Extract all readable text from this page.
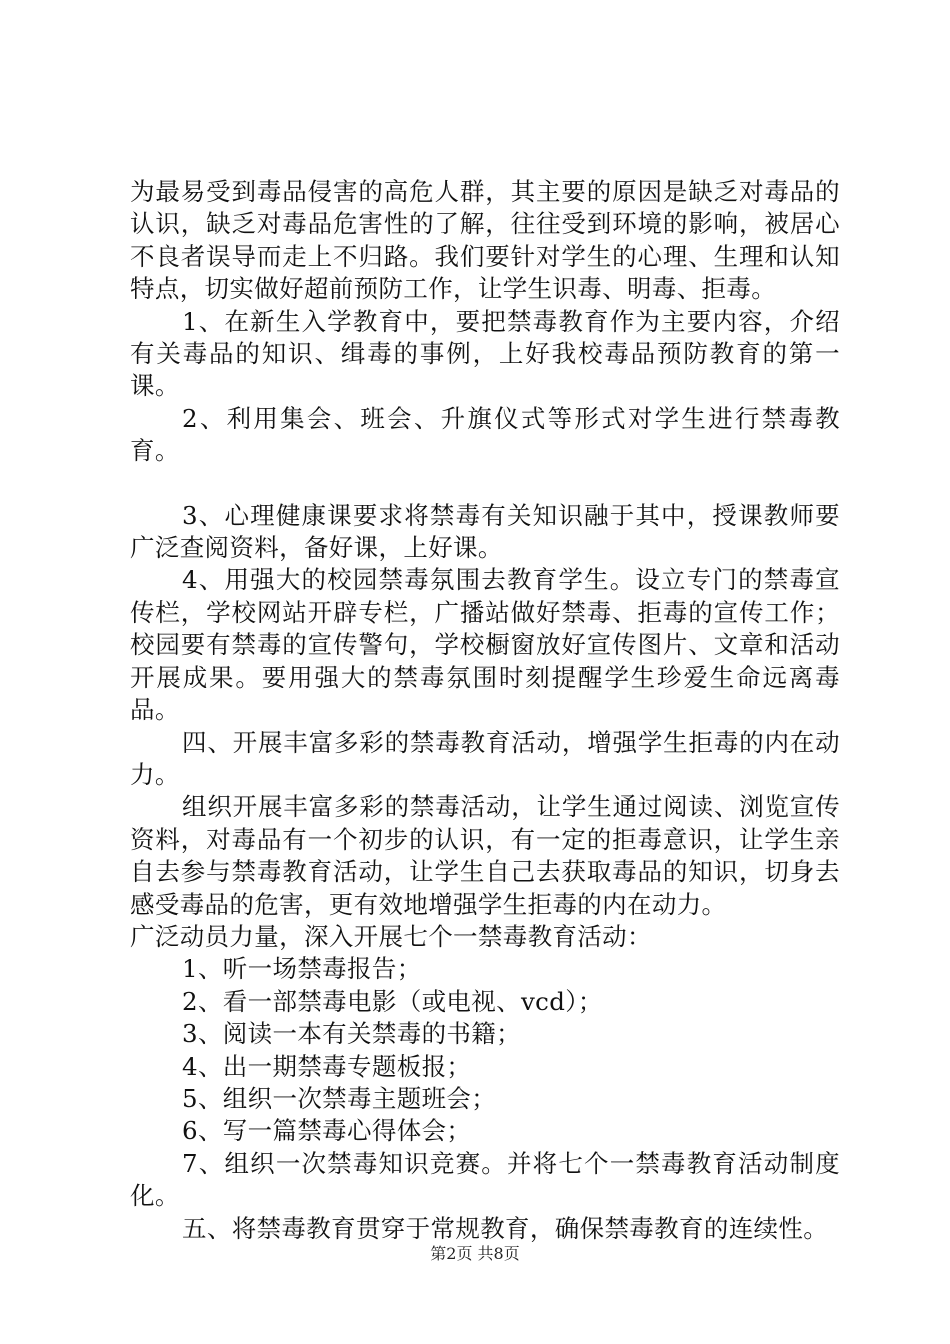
为最易受到毒品侵害的高危人群，其主要的原因是缺乏对毒品的认识，缺乏对毒品危害性的了解，往往受到环境的影响，被居心不良者误导而走上不归路。我们要针对学生的心理、生理和认知特点，切实做好超前预防工作，让学生识毒、明毒、拒毒。

1、在新生入学教育中，要把禁毒教育作为主要内容，介绍有关毒品的知识、缉毒的事例，上好我校毒品预防教育的第一课。

2、利用集会、班会、升旗仪式等形式对学生进行禁毒教育。

3、心理健康课要求将禁毒有关知识融于其中，授课教师要广泛查阅资料，备好课，上好课。

4、用强大的校园禁毒氛围去教育学生。设立专门的禁毒宣传栏，学校网站开辟专栏，广播站做好禁毒、拒毒的宣传工作；校园要有禁毒的宣传警句，学校橱窗放好宣传图片、文章和活动开展成果。要用强大的禁毒氛围时刻提醒学生珍爱生命远离毒品。

四、开展丰富多彩的禁毒教育活动，增强学生拒毒的内在动力。

组织开展丰富多彩的禁毒活动，让学生通过阅读、浏览宣传资料，对毒品有一个初步的认识，有一定的拒毒意识，让学生亲自去参与禁毒教育活动，让学生自己去获取毒品的知识，切身去感受毒品的危害，更有效地增强学生拒毒的内在动力。

广泛动员力量，深入开展七个一禁毒教育活动：

1、听一场禁毒报告；

2、看一部禁毒电影（或电视、vcd）；

3、阅读一本有关禁毒的书籍；

4、出一期禁毒专题板报；

5、组织一次禁毒主题班会；

6、写一篇禁毒心得体会；

7、组织一次禁毒知识竞赛。并将七个一禁毒教育活动制度化。

五、将禁毒教育贯穿于常规教育，确保禁毒教育的连续性。

第2页 共8页
